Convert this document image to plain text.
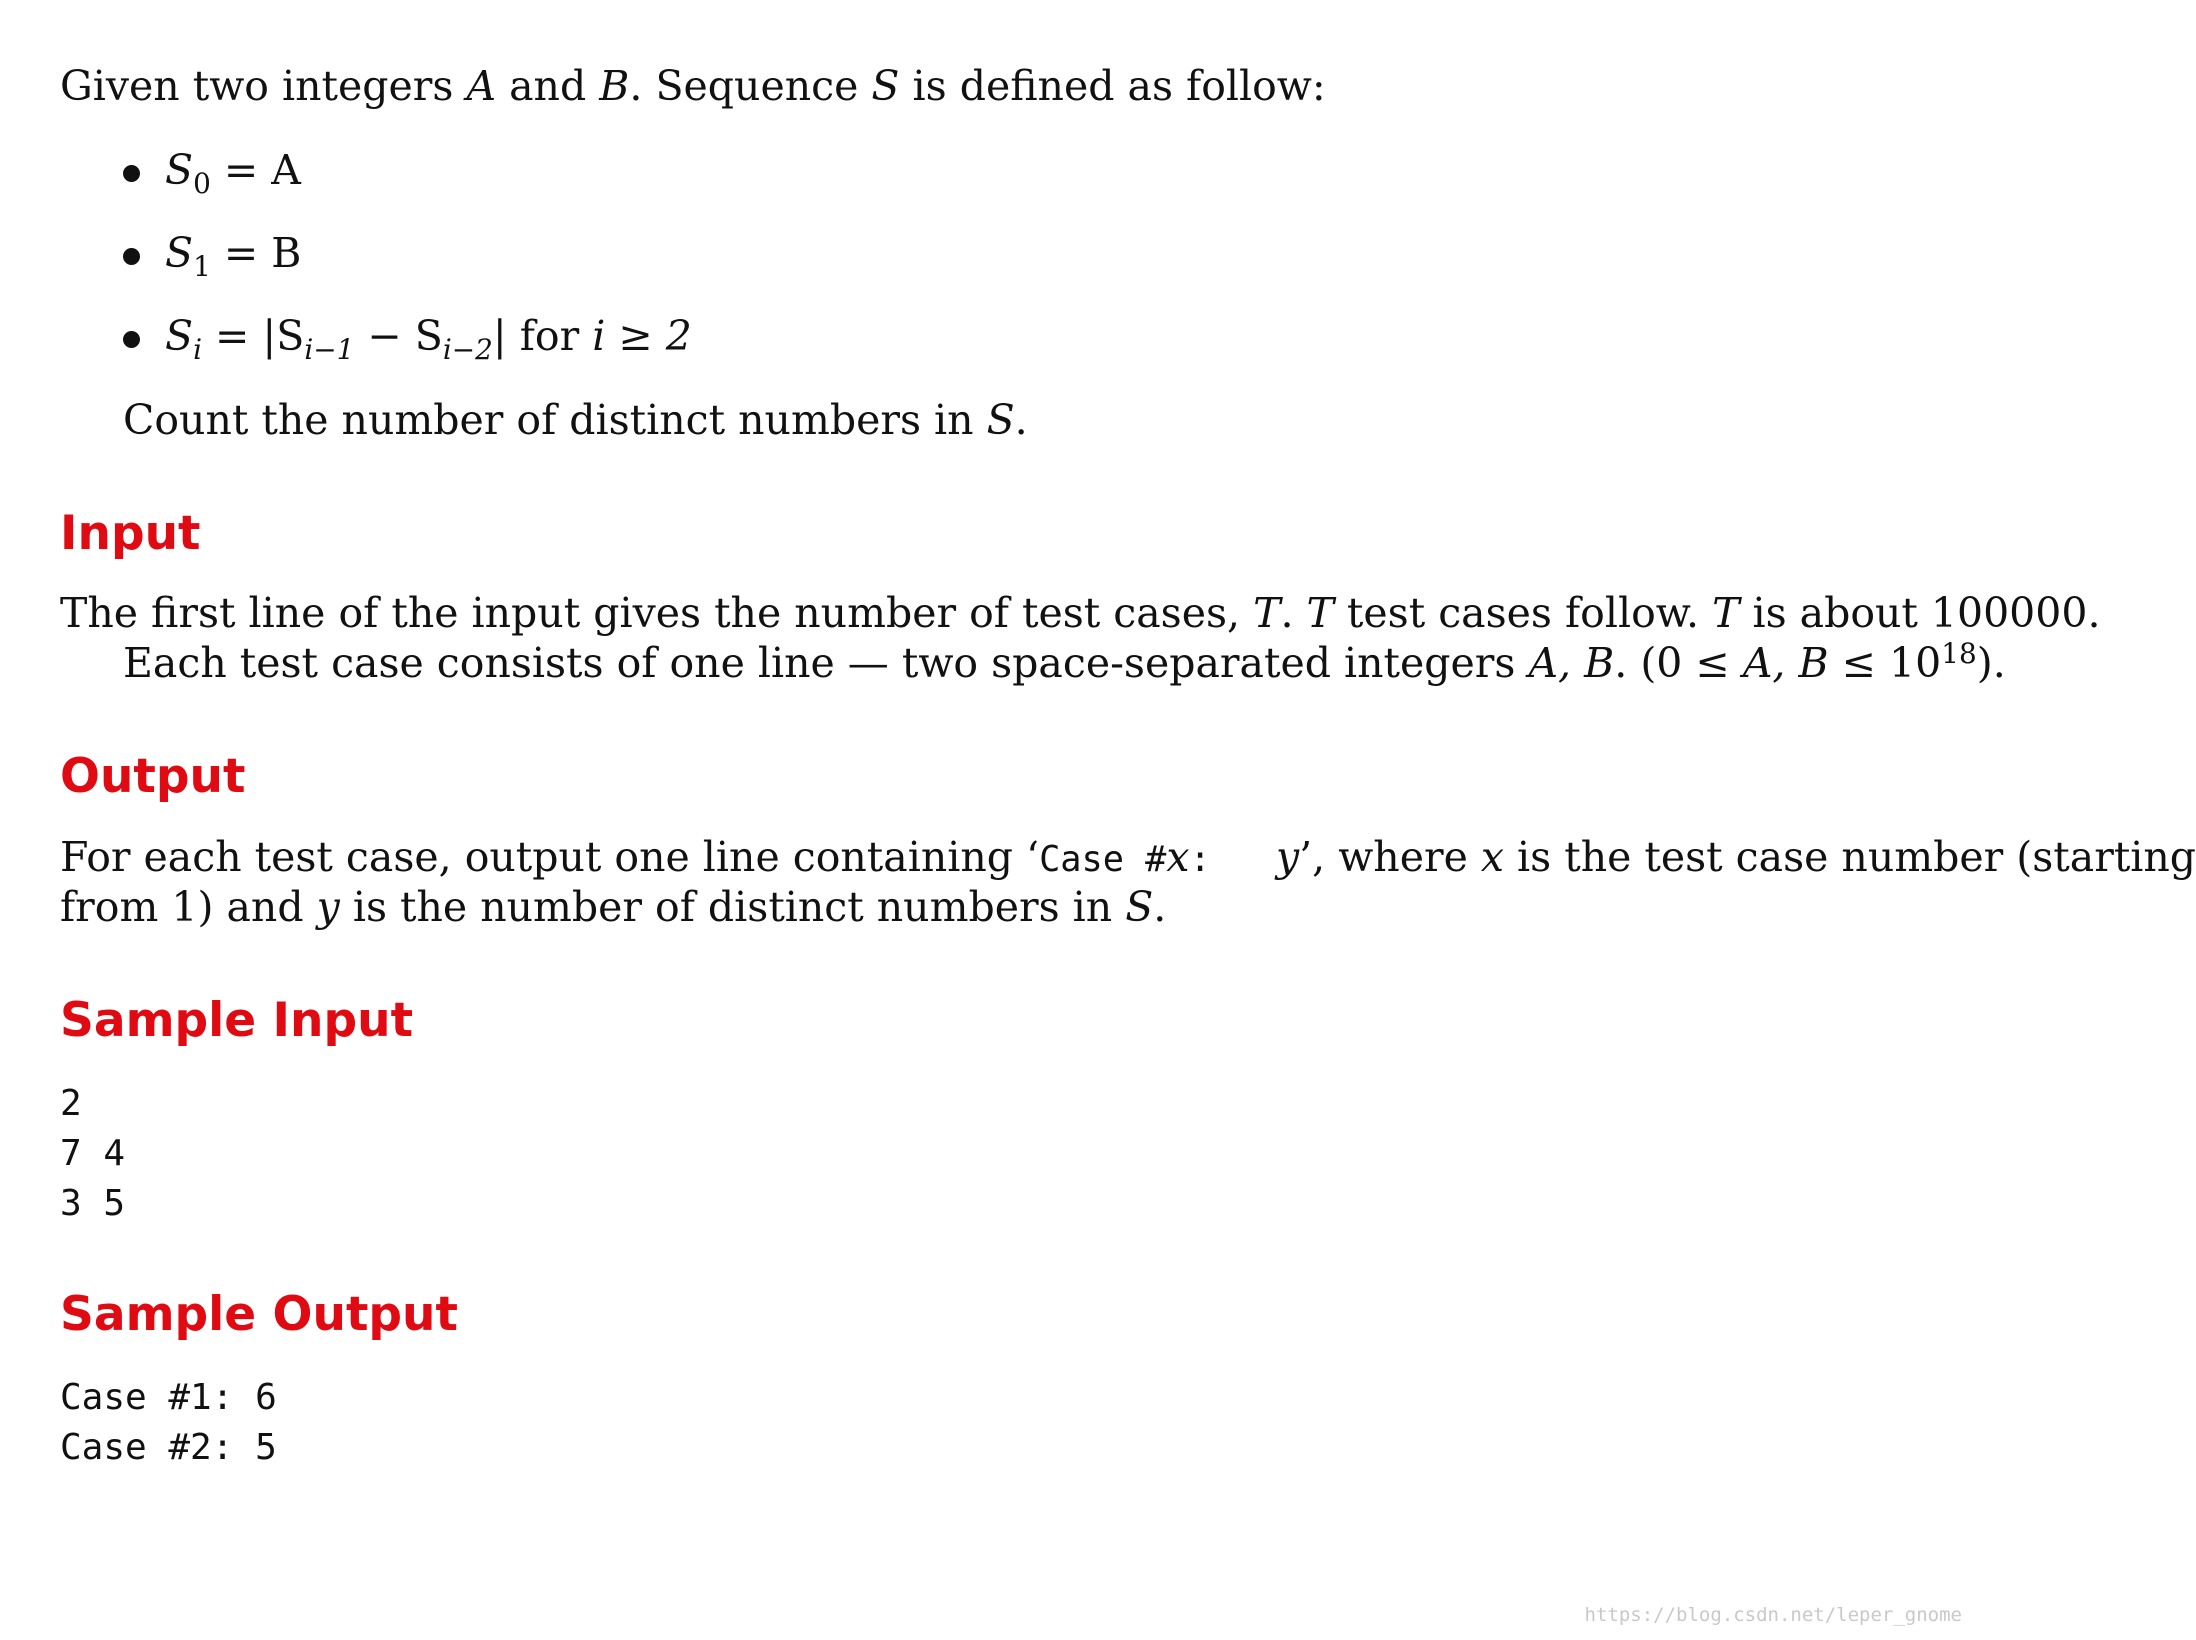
Given two integers A and B. Sequence S is defined as follow:
$S_0 = A$
$S_1 = B$
$S_i = |S_{i-1} - S_{i-2}|$ for i ≥ 2
Count the number of distinct numbers in S.
Input
The first line of the input gives the number of test cases, T. T test cases follow. T is about 100000.
Each test case consists of one line — two space-separated integers A, B. (0 ≤ A, $B \le 10^{18}$).
Output
For each test case, output one line containing ‘Case #x: y’, where x is the test case number (starting
from 1) and y is the number of distinct numbers in S.
Sample Input
2
7 4
3 5
Sample Output
Case #1: 6
Case #2: 5
https://blog.csdn.net/leper_gnome
